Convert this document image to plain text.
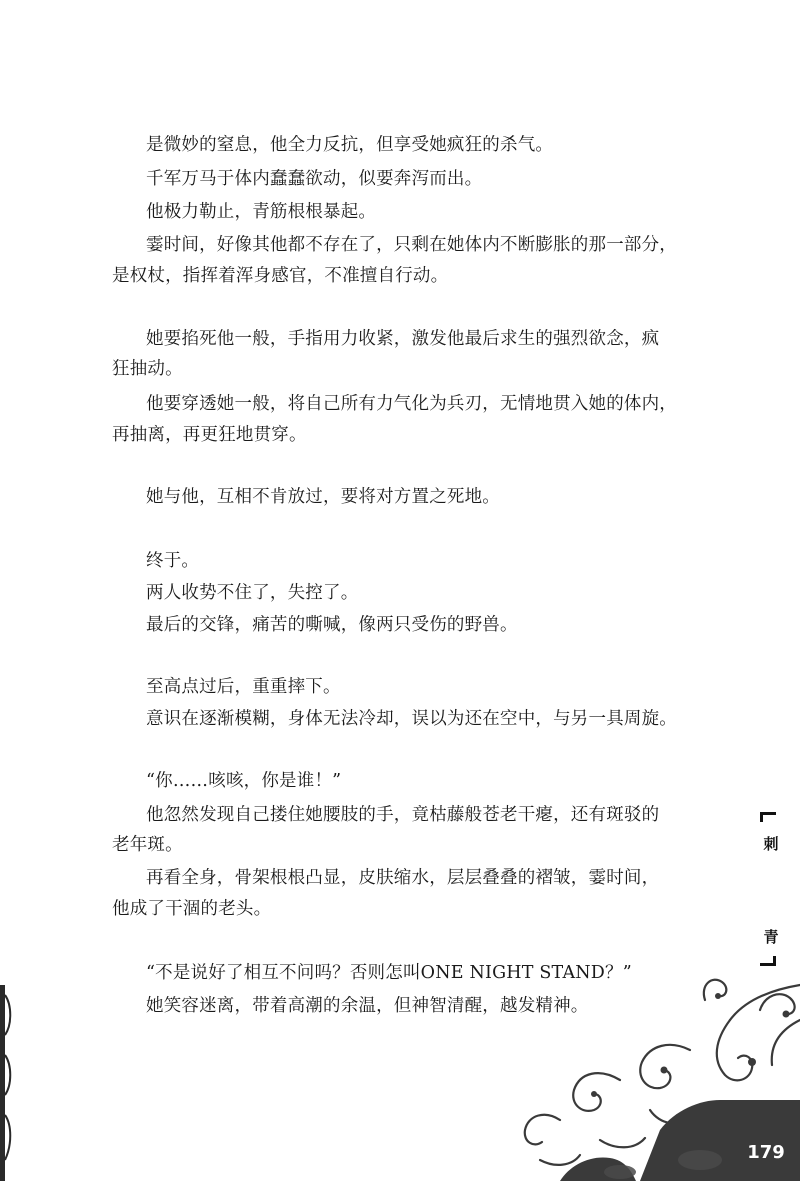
是微妙的窒息，他全力反抗，但享受她疯狂的杀气。
千军万马于体内蠢蠢欲动，似要奔泻而出。
他极力勒止，青筋根根暴起。
霎时间，好像其他都不存在了，只剩在她体内不断膨胀的那一部分，
是权杖，指挥着浑身感官，不准擅自行动。
她要掐死他一般，手指用力收紧，激发他最后求生的强烈欲念，疯
狂抽动。
他要穿透她一般，将自己所有力气化为兵刃，无情地贯入她的体内，
再抽离，再更狂地贯穿。
她与他，互相不肯放过，要将对方置之死地。
终于。
两人收势不住了，失控了。
最后的交锋，痛苦的嘶喊，像两只受伤的野兽。
至高点过后，重重摔下。
意识在逐渐模糊，身体无法冷却，误以为还在空中，与另一具周旋。
“你……咳咳，你是谁！”
他忽然发现自己搂住她腰肢的手，竟枯藤般苍老干瘪，还有斑驳的
老年斑。
再看全身，骨架根根凸显，皮肤缩水，层层叠叠的褶皱，霎时间，
他成了干涸的老头。
“不是说好了相互不问吗？否则怎叫ONE NIGHT STAND？”
她笑容迷离，带着高潮的余温，但神智清醒，越发精神。
刺
青
179
